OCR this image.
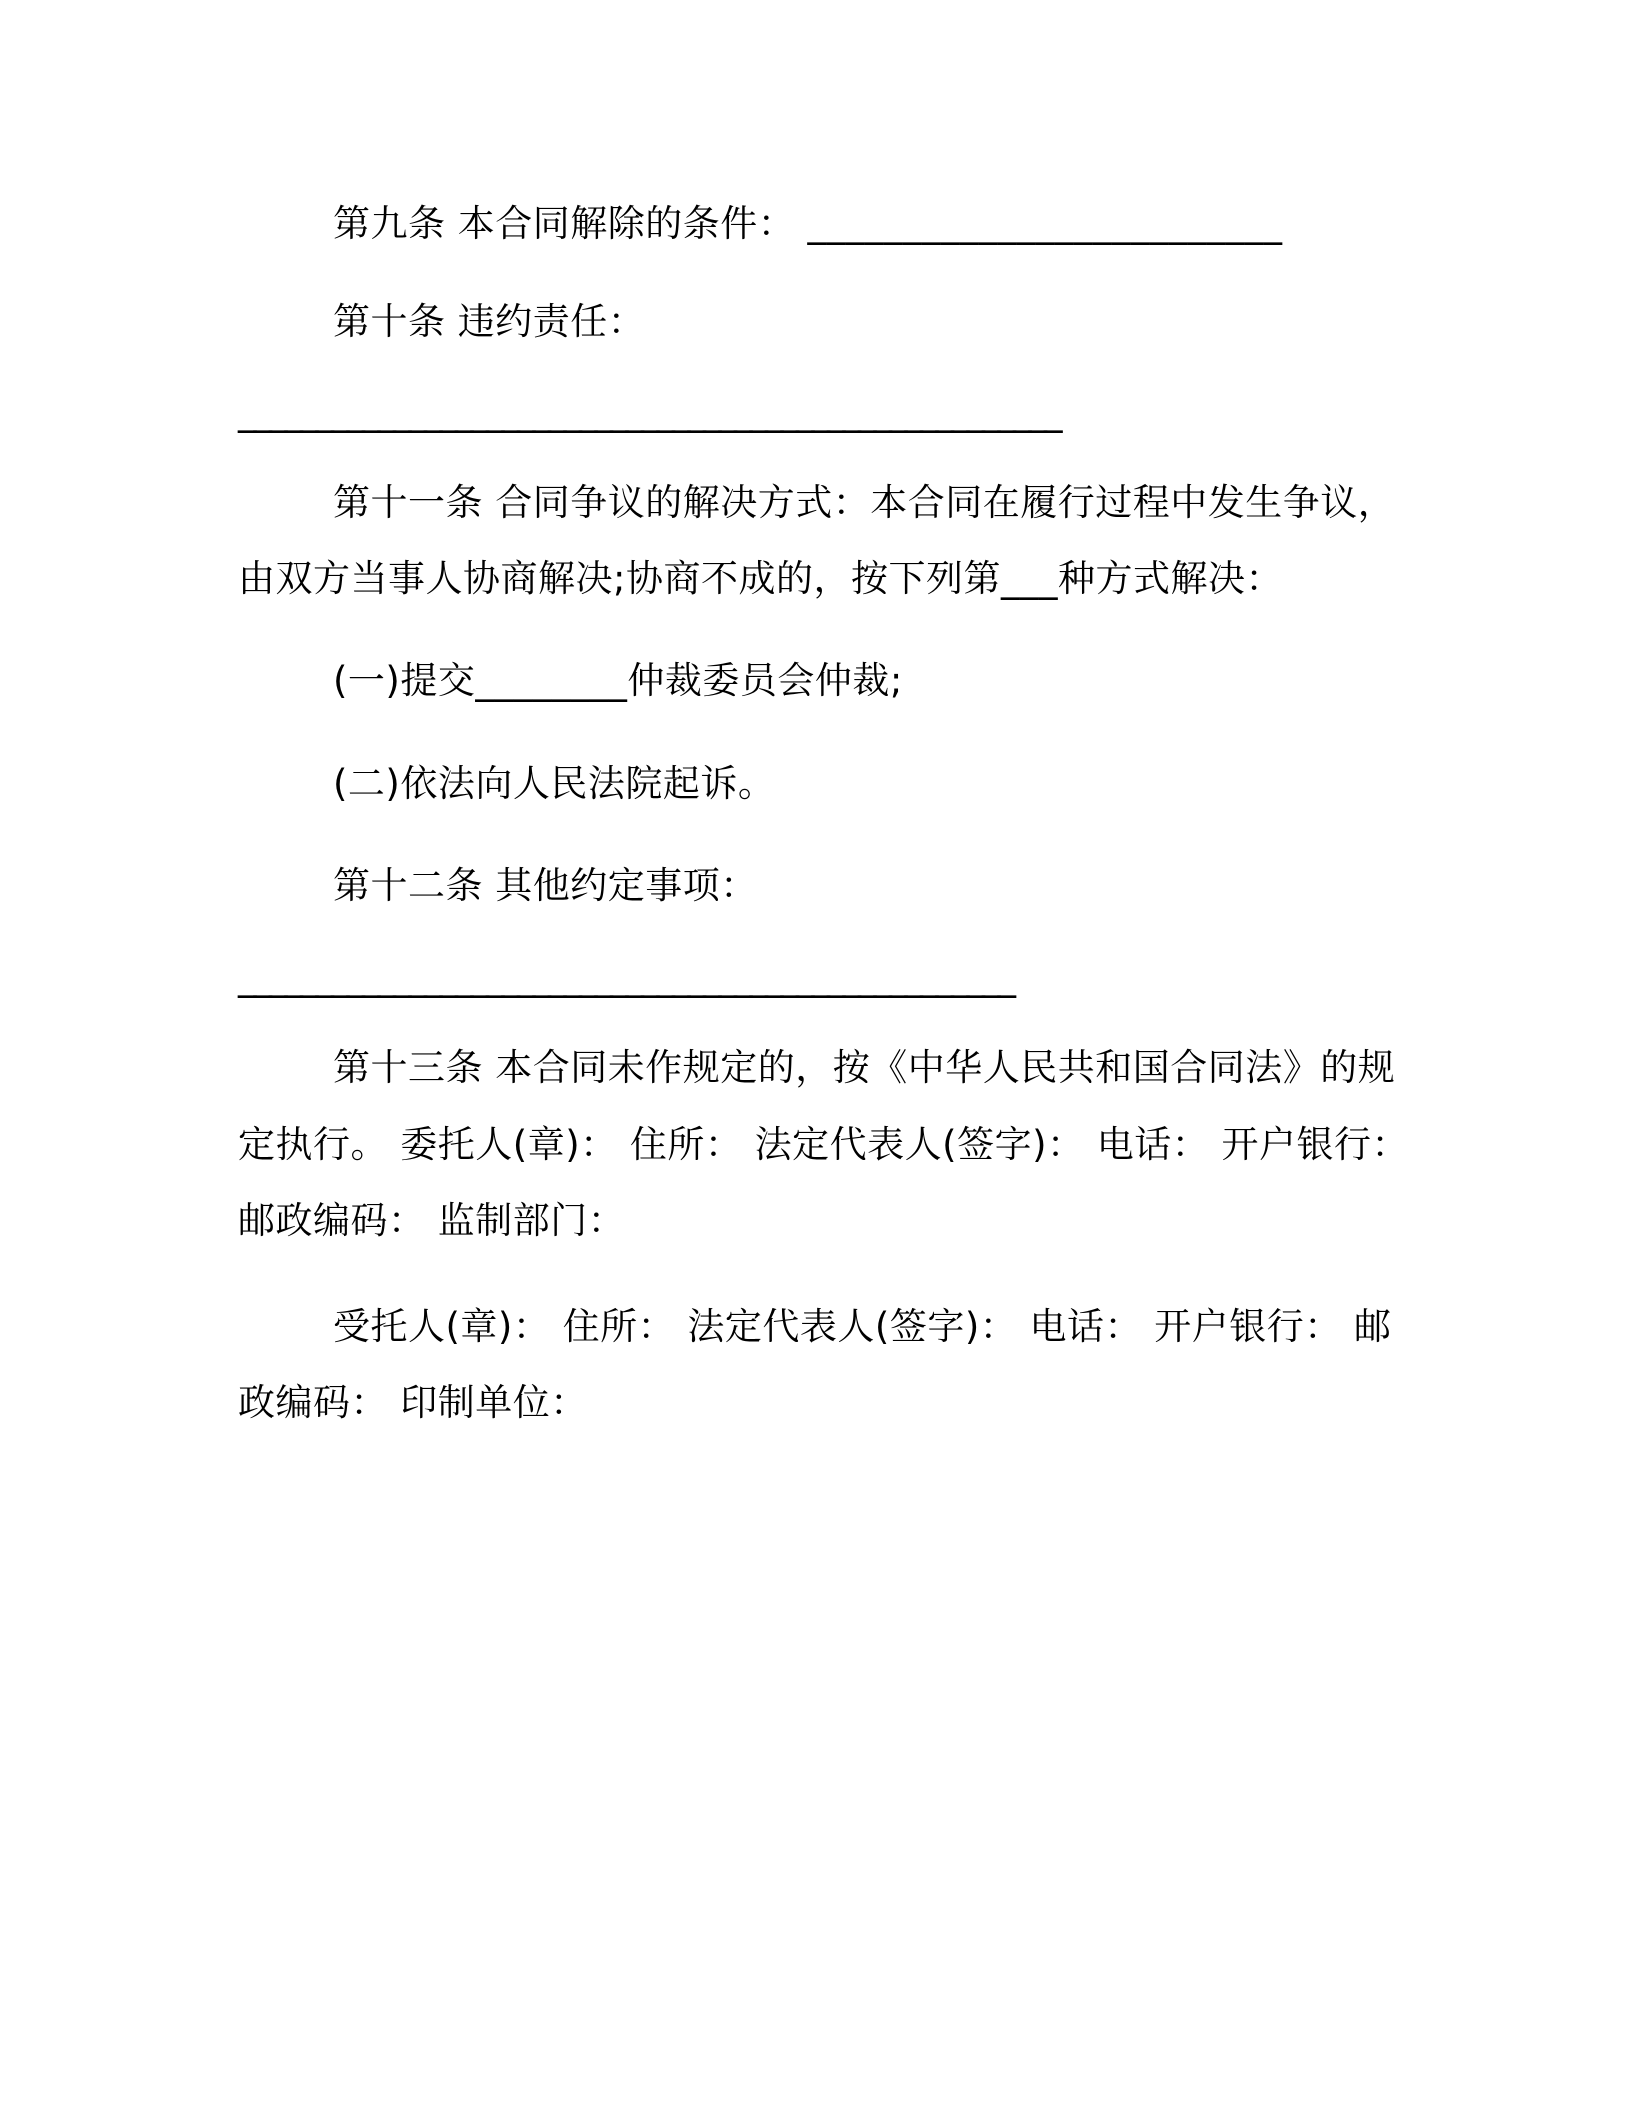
第九条 本合同解除的条件： _________________________
第十条 违约责任：
_____________________________________________________
第十一条 合同争议的解决方式：本合同在履行过程中发生争议，
由双方当事人协商解决;协商不成的，按下列第___种方式解决：
(一)提交________仲裁委员会仲裁;
(二)依法向人民法院起诉。
第十二条 其他约定事项：
__________________________________________________
第十三条 本合同未作规定的，按《中华人民共和国合同法》的规
定执行。 委托人(章)： 住所： 法定代表人(签字)： 电话： 开户银行：
邮政编码： 监制部门：
受托人(章)： 住所： 法定代表人(签字)： 电话： 开户银行： 邮
政编码： 印制单位：
